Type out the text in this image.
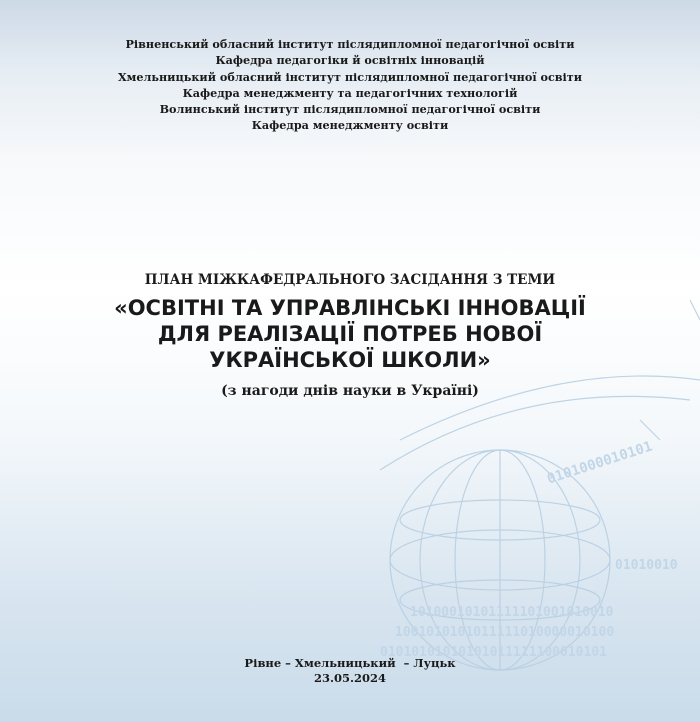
0101000010101
01010010
10100010101111101001010010
1001010101011111010000010100
01010101010101011111100010101
Рівненський обласний інститут післядипломної педагогічної освіти
Кафедра педагогіки й освітніх інновацій
Хмельницький обласний інститут післядипломної педагогічної освіти
Кафедра менеджменту та педагогічних технологій
Волинський інститут післядипломної педагогічної освіти
Кафедра менеджменту освіти
ПЛАН МІЖКАФЕДРАЛЬНОГО ЗАСІДАННЯ З ТЕМИ
«ОСВІТНІ ТА УПРАВЛІНСЬКІ ІННОВАЦІЇ
ДЛЯ РЕАЛІЗАЦІЇ ПОТРЕБ НОВОЇ
УКРАЇНСЬКОЇ ШКОЛИ»
(з нагоди днів науки в Україні)
Рівне – Хмельницький  – Луцьк
23.05.2024
